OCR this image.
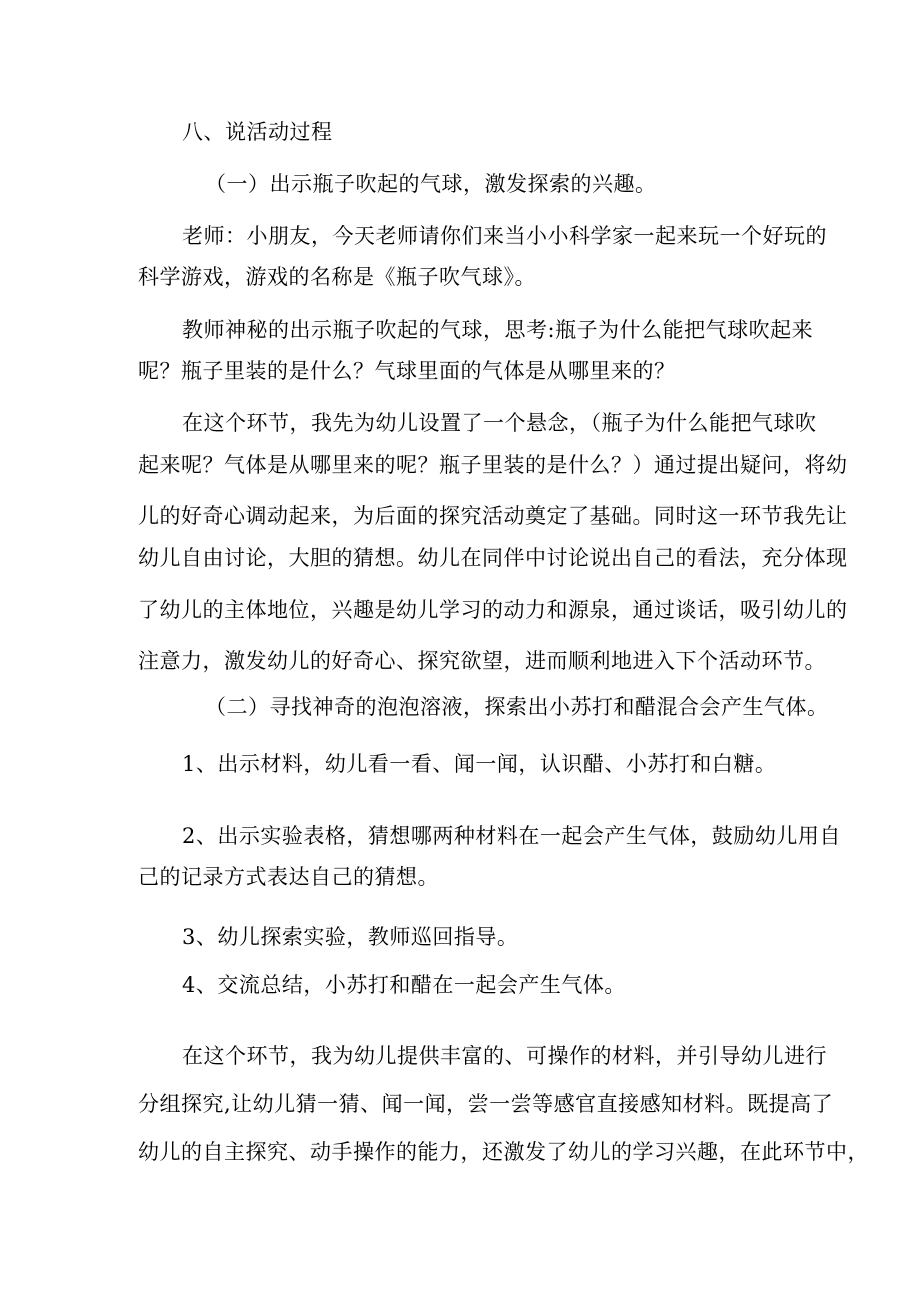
八、说活动过程
（一）出示瓶子吹起的气球，激发探索的兴趣。
老师：小朋友，今天老师请你们来当小小科学家一起来玩一个好玩的
科学游戏，游戏的名称是《瓶子吹气球》。
教师神秘的出示瓶子吹起的气球，思考:瓶子为什么能把气球吹起来
呢？瓶子里装的是什么？气球里面的气体是从哪里来的？
在这个环节，我先为幼儿设置了一个悬念，（瓶子为什么能把气球吹
起来呢？气体是从哪里来的呢？瓶子里装的是什么？）通过提出疑问，将幼
儿的好奇心调动起来，为后面的探究活动奠定了基础。同时这一环节我先让
幼儿自由讨论，大胆的猜想。幼儿在同伴中讨论说出自己的看法，充分体现
了幼儿的主体地位，兴趣是幼儿学习的动力和源泉，通过谈话，吸引幼儿的
注意力，激发幼儿的好奇心、探究欲望，进而顺利地进入下个活动环节。
（二）寻找神奇的泡泡溶液，探索出小苏打和醋混合会产生气体。
1、出示材料，幼儿看一看、闻一闻，认识醋、小苏打和白糖。
2、出示实验表格，猜想哪两种材料在一起会产生气体，鼓励幼儿用自
己的记录方式表达自己的猜想。
3、幼儿探索实验，教师巡回指导。
4、交流总结，小苏打和醋在一起会产生气体。
在这个环节，我为幼儿提供丰富的、可操作的材料，并引导幼儿进行
分组探究,让幼儿猜一猜、闻一闻，尝一尝等感官直接感知材料。既提高了
幼儿的自主探究、动手操作的能力，还激发了幼儿的学习兴趣，在此环节中，
